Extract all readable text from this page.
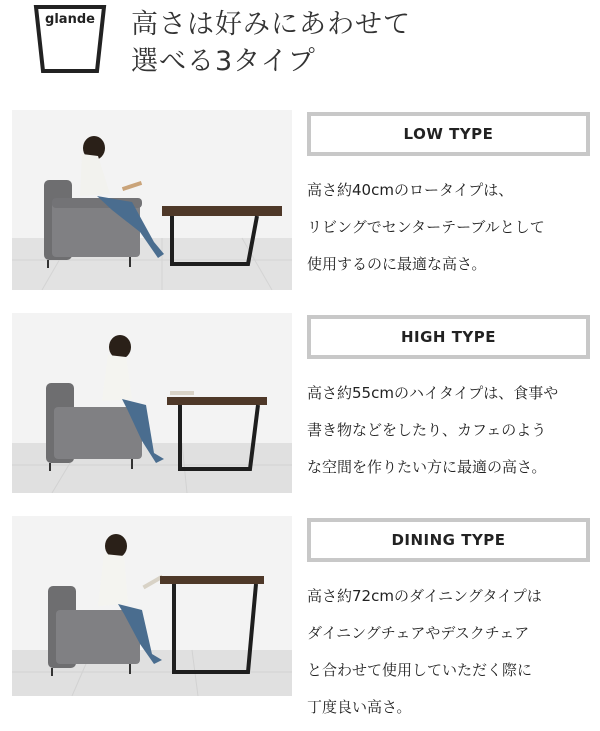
glande	高さは好みにあわせて
選べる3タイプ
LOW TYPE
高さ約40cmのロータイプは、
リビングでセンターテーブルとして
使用するのに最適な高さ。
HIGH TYPE
高さ約55cmのハイタイプは、食事や
書き物などをしたり、カフェのよう
な空間を作りたい方に最適の高さ。
DINING TYPE
高さ約72cmのダイニングタイプは
ダイニングチェアやデスクチェア
と合わせて使用していただく際に
丁度良い高さ。
